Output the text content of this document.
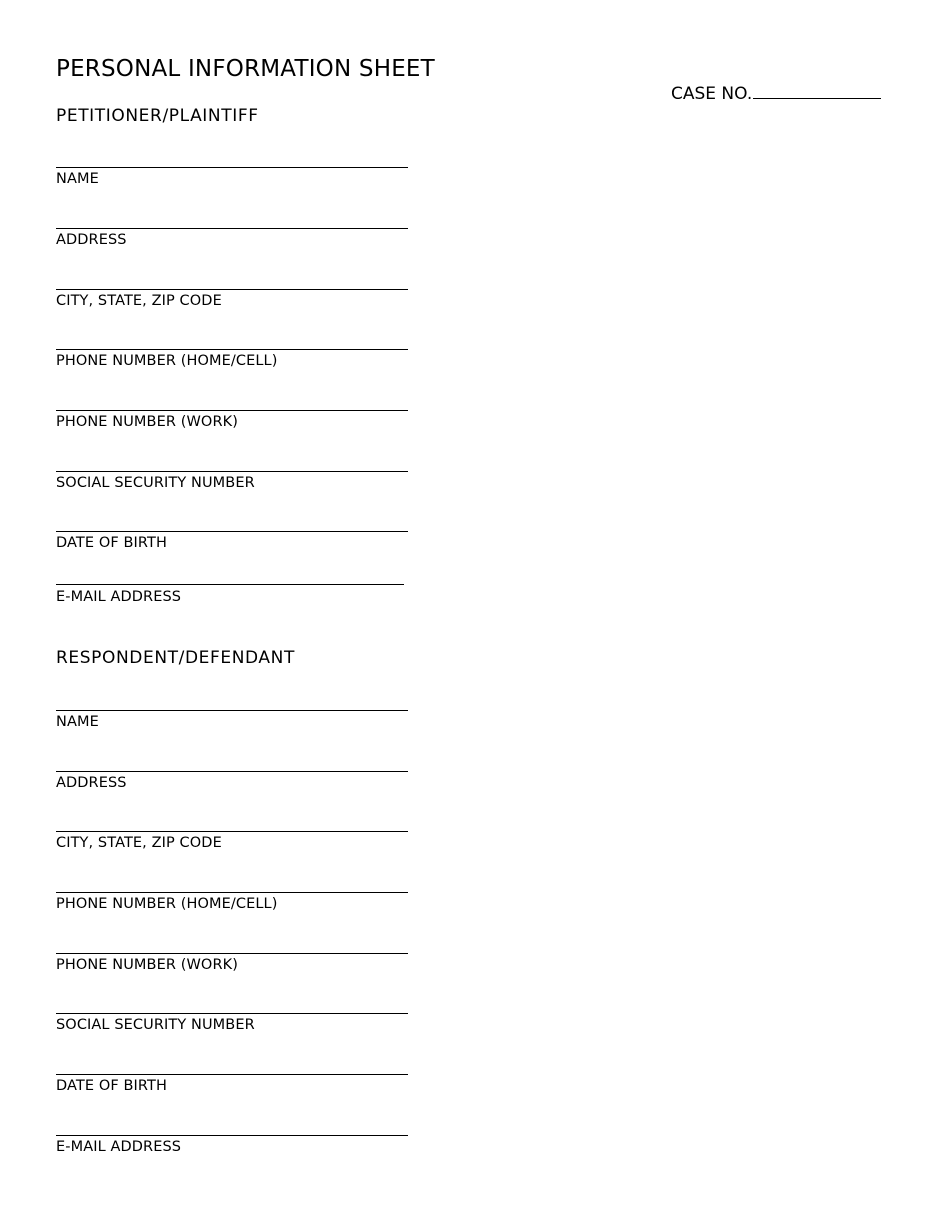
PERSONAL INFORMATION SHEET
CASE NO.
PETITIONER/PLAINTIFF
NAME
ADDRESS
CITY, STATE, ZIP CODE
PHONE NUMBER (HOME/CELL)
PHONE NUMBER (WORK)
SOCIAL SECURITY NUMBER
DATE OF BIRTH
E-MAIL ADDRESS
RESPONDENT/DEFENDANT
NAME
ADDRESS
CITY, STATE, ZIP CODE
PHONE NUMBER (HOME/CELL)
PHONE NUMBER (WORK)
SOCIAL SECURITY NUMBER
DATE OF BIRTH
E-MAIL ADDRESS
